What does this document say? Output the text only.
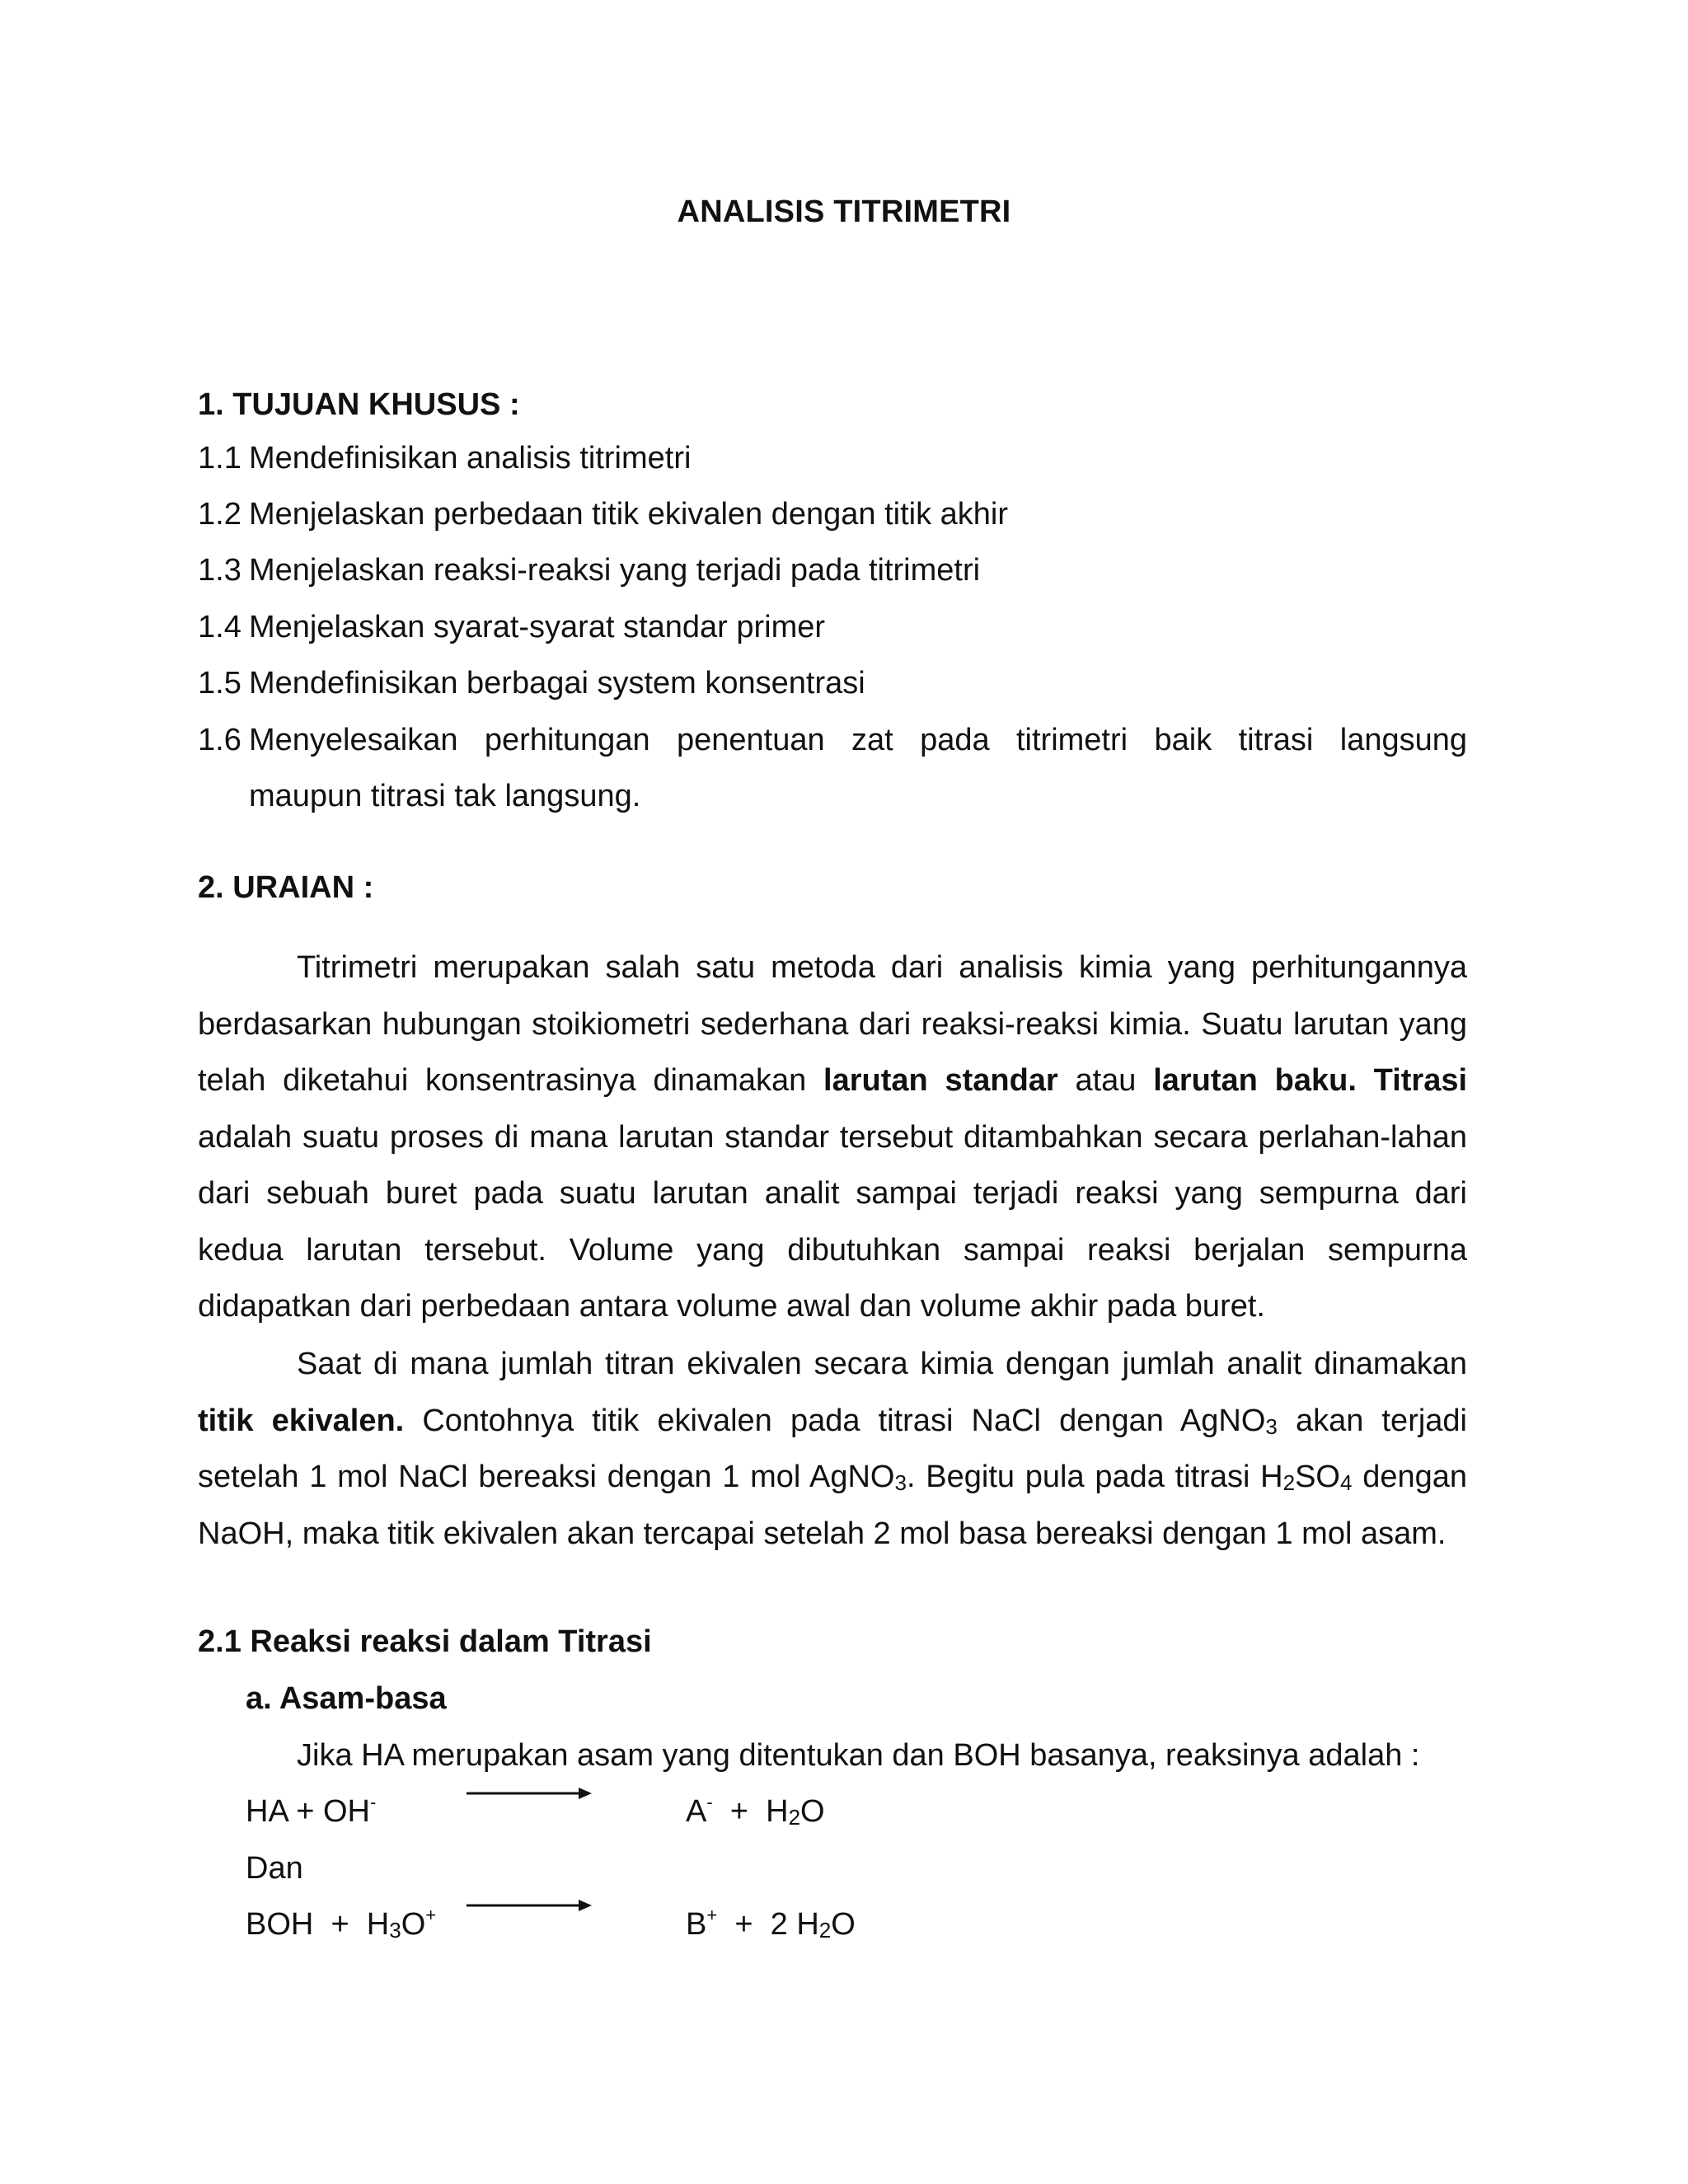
ANALISIS TITRIMETRI
1. TUJUAN KHUSUS :
1.1 Mendefinisikan analisis titrimetri
1.2 Menjelaskan perbedaan titik ekivalen dengan titik akhir
1.3 Menjelaskan reaksi-reaksi yang terjadi pada titrimetri
1.4 Menjelaskan syarat-syarat standar primer
1.5 Mendefinisikan berbagai system konsentrasi
1.6 Menyelesaikan perhitungan penentuan zat pada titrimetri baik titrasi langsung
maupun titrasi tak langsung.
2. URAIAN :
Titrimetri merupakan salah satu metoda dari analisis kimia yang perhitungannya berdasarkan hubungan stoikiometri sederhana dari reaksi-reaksi kimia. Suatu larutan yang telah diketahui konsentrasinya dinamakan larutan standar atau larutan baku. Titrasi adalah suatu proses di mana larutan standar tersebut ditambahkan secara perlahan-lahan dari sebuah buret pada suatu larutan analit sampai terjadi reaksi yang sempurna dari kedua larutan tersebut. Volume yang dibutuhkan sampai reaksi berjalan sempurna didapatkan dari perbedaan antara volume awal dan volume akhir pada buret.
Saat di mana jumlah titran ekivalen secara kimia dengan jumlah analit dinamakan titik ekivalen. Contohnya titik ekivalen pada titrasi NaCl dengan AgNO$_3$ akan terjadi setelah 1 mol NaCl bereaksi dengan 1 mol AgNO$_3$. Begitu pula pada titrasi $H_2SO_4$ dengan NaOH, maka titik ekivalen akan tercapai setelah 2 mol basa bereaksi dengan 1 mol asam.
2.1 Reaksi reaksi dalam Titrasi
a. Asam-basa
Jika HA merupakan asam yang ditentukan dan BOH basanya, reaksinya adalah :
HA + OH-	$A^- + H_2O$
Dan
BOH  +  $H_3O^+$	B+  +  2 $H_2O$
